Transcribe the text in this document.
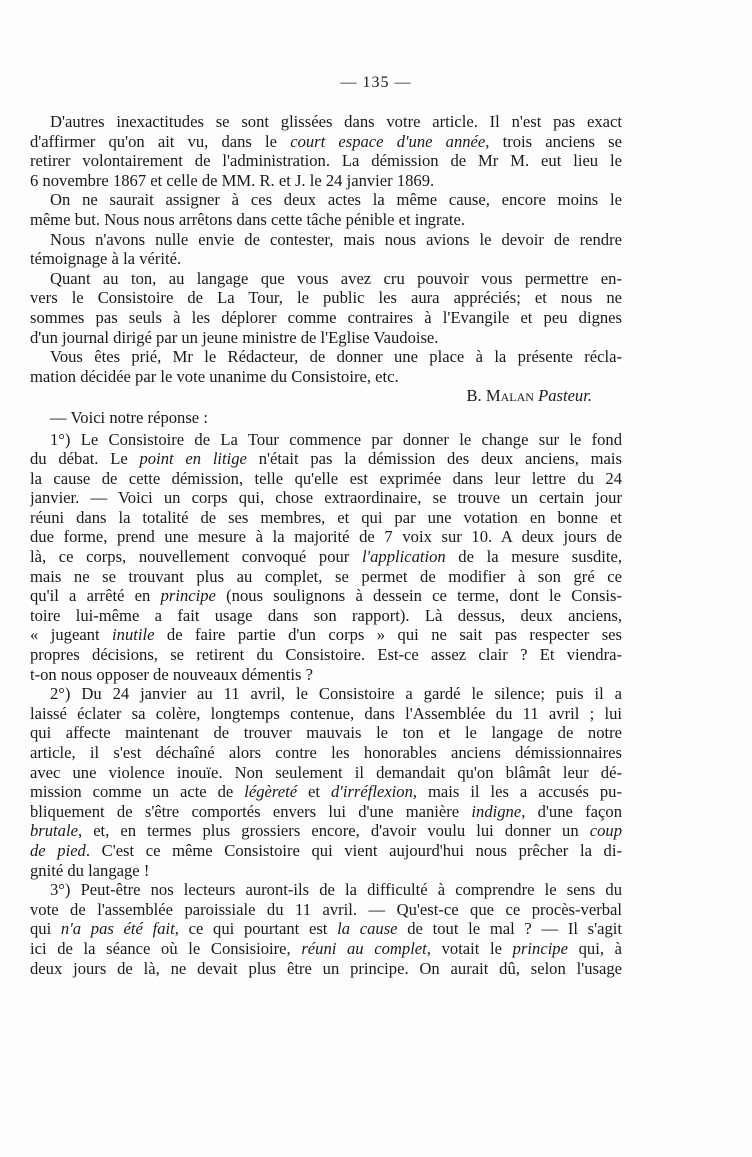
— 135 —
D'autres inexactitudes se sont glissées dans votre article. Il n'est pas exact
d'affirmer qu'on ait vu, dans le court espace d'une année, trois anciens se
retirer volontairement de l'administration. La démission de Mr M. eut lieu le
6 novembre 1867 et celle de MM. R. et J. le 24 janvier 1869.
On ne saurait assigner à ces deux actes la même cause, encore moins le
même but. Nous nous arrêtons dans cette tâche pénible et ingrate.
Nous n'avons nulle envie de contester, mais nous avions le devoir de rendre
témoignage à la vérité.
Quant au ton, au langage que vous avez cru pouvoir vous permettre en-
vers le Consistoire de La Tour, le public les aura appréciés; et nous ne
sommes pas seuls à les déplorer comme contraires à l'Evangile et peu dignes
d'un journal dirigé par un jeune ministre de l'Eglise Vaudoise.
Vous êtes prié, Mr le Rédacteur, de donner une place à la présente récla-
mation décidée par le vote unanime du Consistoire, etc.
B. Malan Pasteur.
— Voici notre réponse :
1°) Le Consistoire de La Tour commence par donner le change sur le fond
du débat. Le point en litige n'était pas la démission des deux anciens, mais
la cause de cette démission, telle qu'elle est exprimée dans leur lettre du 24
janvier. — Voici un corps qui, chose extraordinaire, se trouve un certain jour
réuni dans la totalité de ses membres, et qui par une votation en bonne et
due forme, prend une mesure à la majorité de 7 voix sur 10. A deux jours de
là, ce corps, nouvellement convoqué pour l'application de la mesure susdite,
mais ne se trouvant plus au complet, se permet de modifier à son gré ce
qu'il a arrêté en principe (nous soulignons à dessein ce terme, dont le Consis-
toire lui-même a fait usage dans son rapport). Là dessus, deux anciens,
« jugeant inutile de faire partie d'un corps » qui ne sait pas respecter ses
propres décisions, se retirent du Consistoire. Est-ce assez clair ? Et viendra-
t-on nous opposer de nouveaux démentis ?
2°) Du 24 janvier au 11 avril, le Consistoire a gardé le silence; puis il a
laissé éclater sa colère, longtemps contenue, dans l'Assemblée du 11 avril ; lui
qui affecte maintenant de trouver mauvais le ton et le langage de notre
article, il s'est déchaîné alors contre les honorables anciens démissionnaires
avec une violence inouïe. Non seulement il demandait qu'on blâmât leur dé-
mission comme un acte de légèreté et d'irréflexion, mais il les a accusés pu-
bliquement de s'être comportés envers lui d'une manière indigne, d'une façon
brutale, et, en termes plus grossiers encore, d'avoir voulu lui donner un coup
de pied. C'est ce même Consistoire qui vient aujourd'hui nous prêcher la di-
gnité du langage !
3°) Peut-être nos lecteurs auront-ils de la difficulté à comprendre le sens du
vote de l'assemblée paroissiale du 11 avril. — Qu'est-ce que ce procès-verbal
qui n'a pas été fait, ce qui pourtant est la cause de tout le mal ? — Il s'agit
ici de la séance où le Consisioire, réuni au complet, votait le principe qui, à
deux jours de là, ne devait plus être un principe. On aurait dû, selon l'usage
